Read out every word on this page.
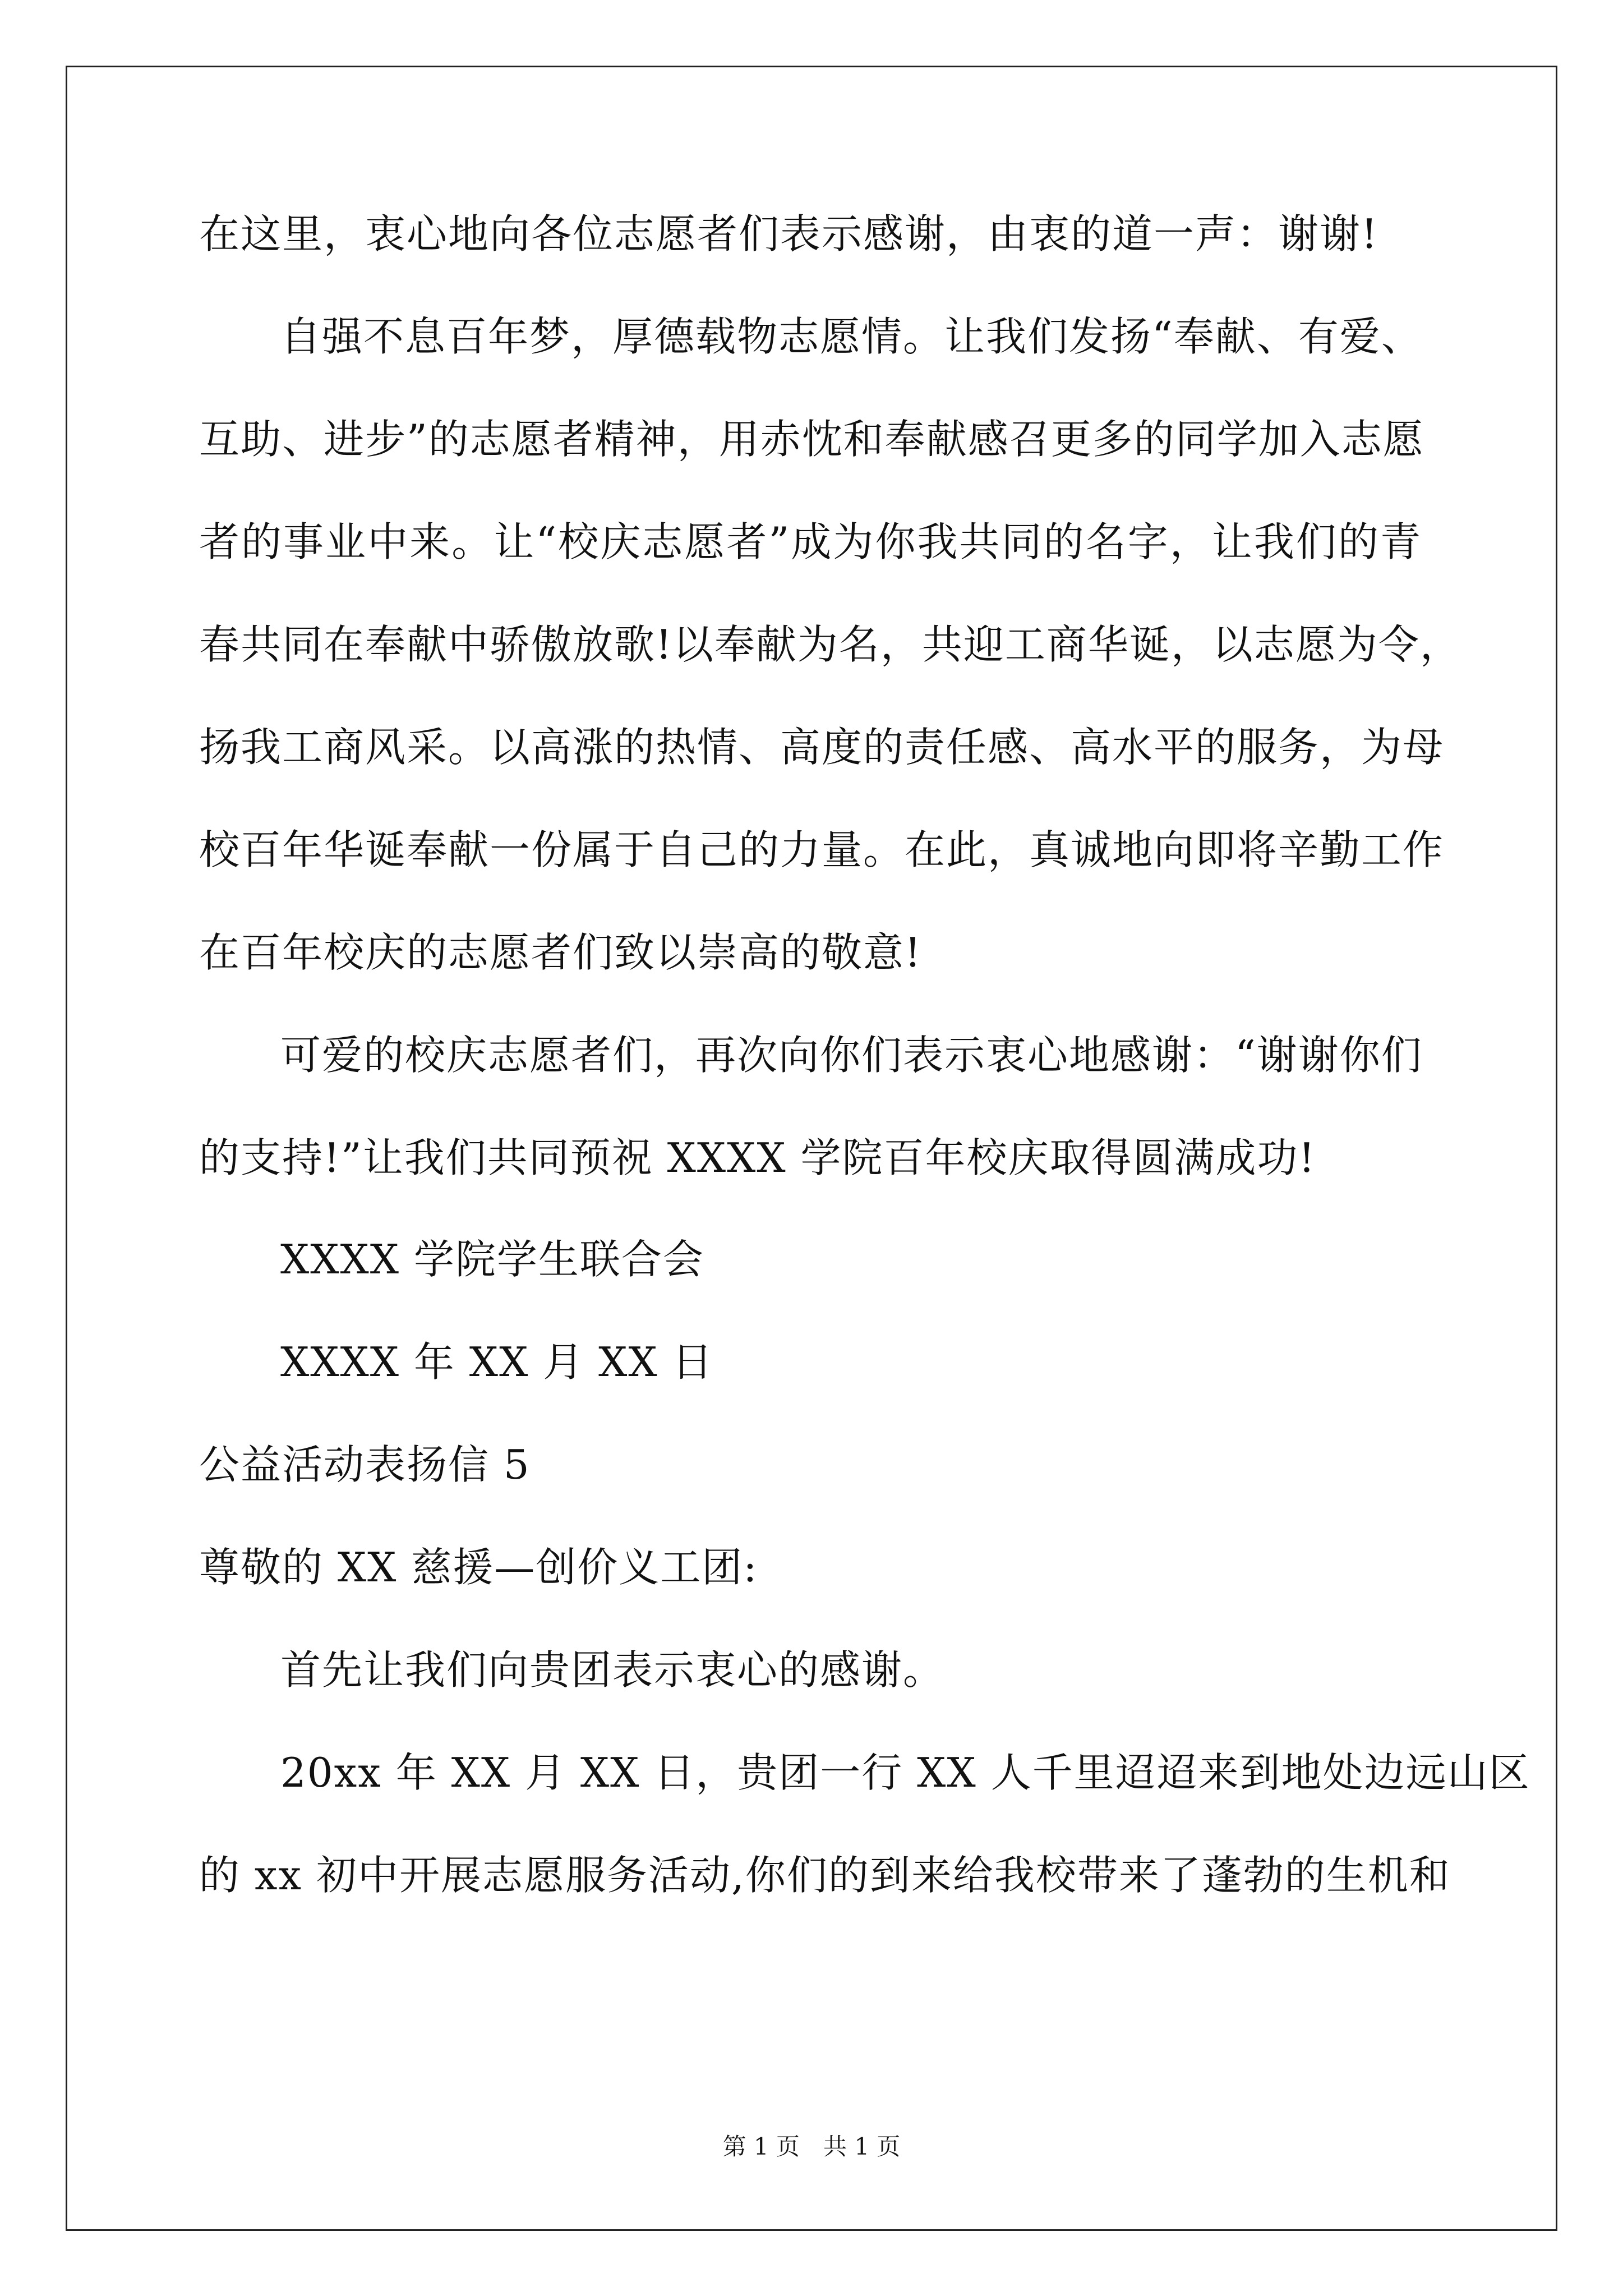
在这里，衷心地向各位志愿者们表示感谢，由衷的道一声：谢谢!

自强不息百年梦，厚德载物志愿情。让我们发扬“奉献、有爱、

互助、进步”的志愿者精神，用赤忱和奉献感召更多的同学加入志愿

者的事业中来。让“校庆志愿者”成为你我共同的名字，让我们的青

春共同在奉献中骄傲放歌!以奉献为名，共迎工商华诞，以志愿为令，

扬我工商风采。以高涨的热情、高度的责任感、高水平的服务，为母

校百年华诞奉献一份属于自己的力量。在此，真诚地向即将辛勤工作

在百年校庆的志愿者们致以崇高的敬意!

可爱的校庆志愿者们，再次向你们表示衷心地感谢：“谢谢你们

的支持!”让我们共同预祝 XXXX 学院百年校庆取得圆满成功!

XXXX 学院学生联合会

XXXX 年 XX 月 XX 日

公益活动表扬信 5

尊敬的 XX 慈援—创价义工团:

首先让我们向贵团表示衷心的感谢。

20xx 年 XX 月 XX 日，贵团一行 XX 人千里迢迢来到地处边远山区

的 xx 初中开展志愿服务活动,你们的到来给我校带来了蓬勃的生机和

第 1 页　共 1 页
